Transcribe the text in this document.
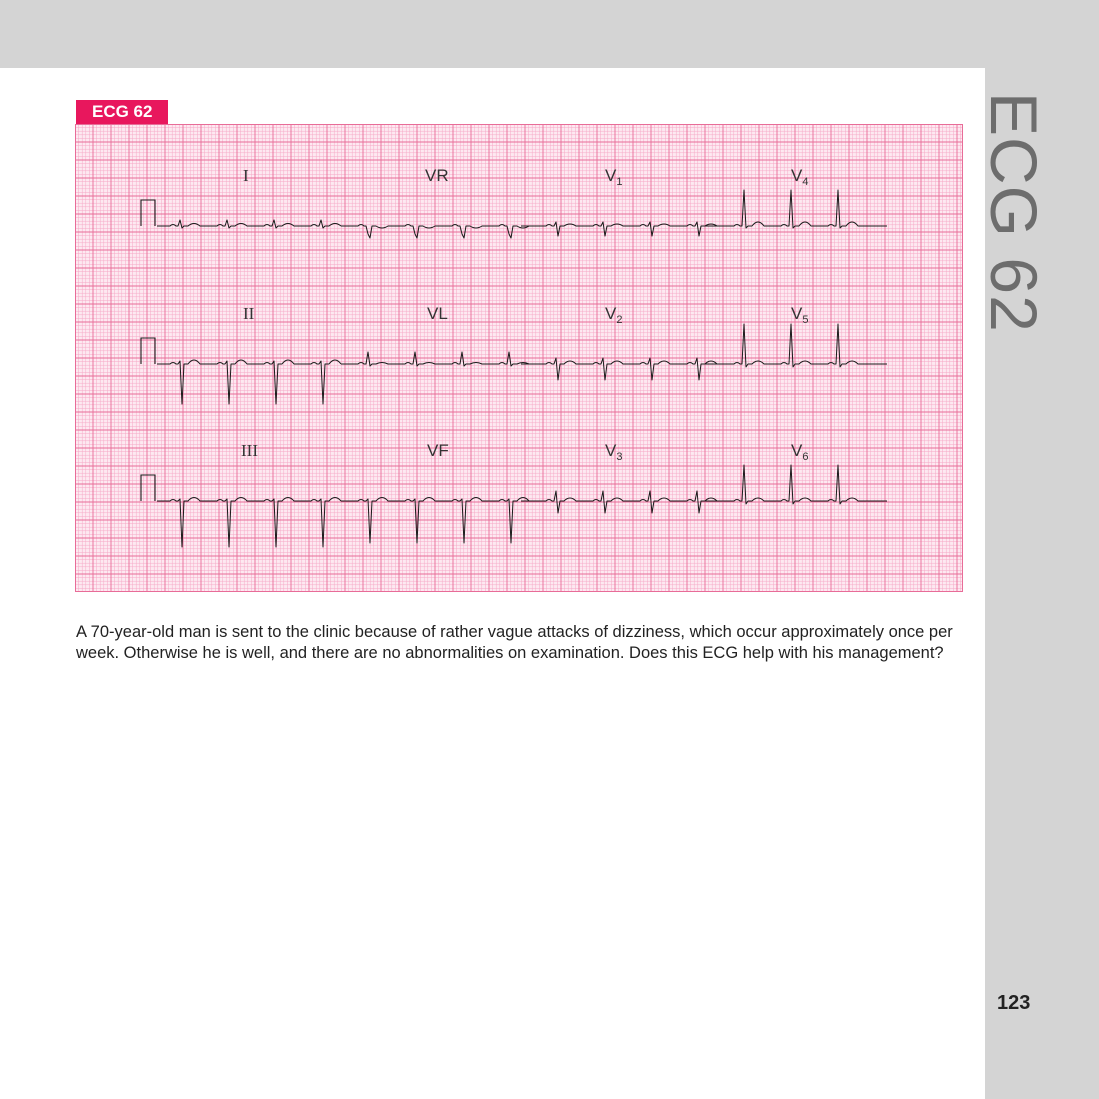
ECG 62
ECG 62
I	VR	$V_1$	$V_4$
II	VL	$V_2$	$V_5$
III	VF	$V_3$	$V_6$
A 70-year-old man is sent to the clinic because of rather vague attacks of dizziness, which occur approximately once per week. Otherwise he is well, and there are no abnormalities on examination. Does this ECG help with his management?
123
